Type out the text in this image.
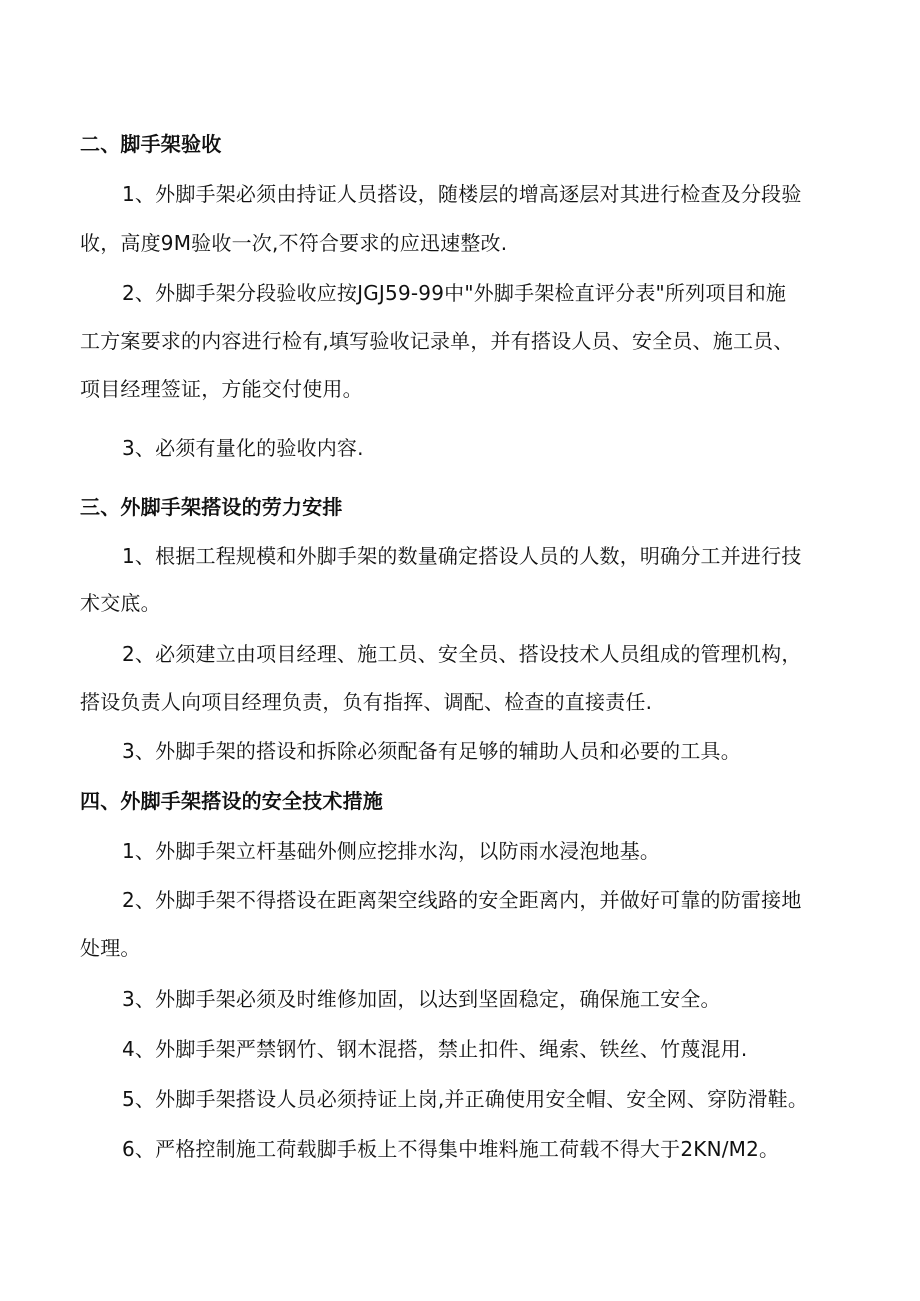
二、脚手架验收
1、外脚手架必须由持证人员搭设，随楼层的增高逐层对其进行检查及分段验
收，高度9M验收一次,不符合要求的应迅速整改.
2、外脚手架分段验收应按JGJ59-99中"外脚手架检直评分表"所列项目和施
工方案要求的内容进行检有,填写验收记录单，并有搭设人员、安全员、施工员、
项目经理签证，方能交付使用。
3、必须有量化的验收内容.
三、外脚手架搭设的劳力安排
1、根据工程规模和外脚手架的数量确定搭设人员的人数，明确分工并进行技
术交底。
2、必须建立由项目经理、施工员、安全员、搭设技术人员组成的管理机构，
搭设负责人向项目经理负责，负有指挥、调配、检查的直接责任.
3、外脚手架的搭设和拆除必须配备有足够的辅助人员和必要的工具。
四、外脚手架搭设的安全技术措施
1、外脚手架立杆基础外侧应挖排水沟，以防雨水浸泡地基。
2、外脚手架不得搭设在距离架空线路的安全距离内，并做好可靠的防雷接地
处理。
3、外脚手架必须及时维修加固，以达到坚固稳定，确保施工安全。
4、外脚手架严禁钢竹、钢木混搭，禁止扣件、绳索、铁丝、竹蔑混用.
5、外脚手架搭设人员必须持证上岗,并正确使用安全帽、安全网、穿防滑鞋。
6、严格控制施工荷载脚手板上不得集中堆料施工荷载不得大于2KN/M2。
